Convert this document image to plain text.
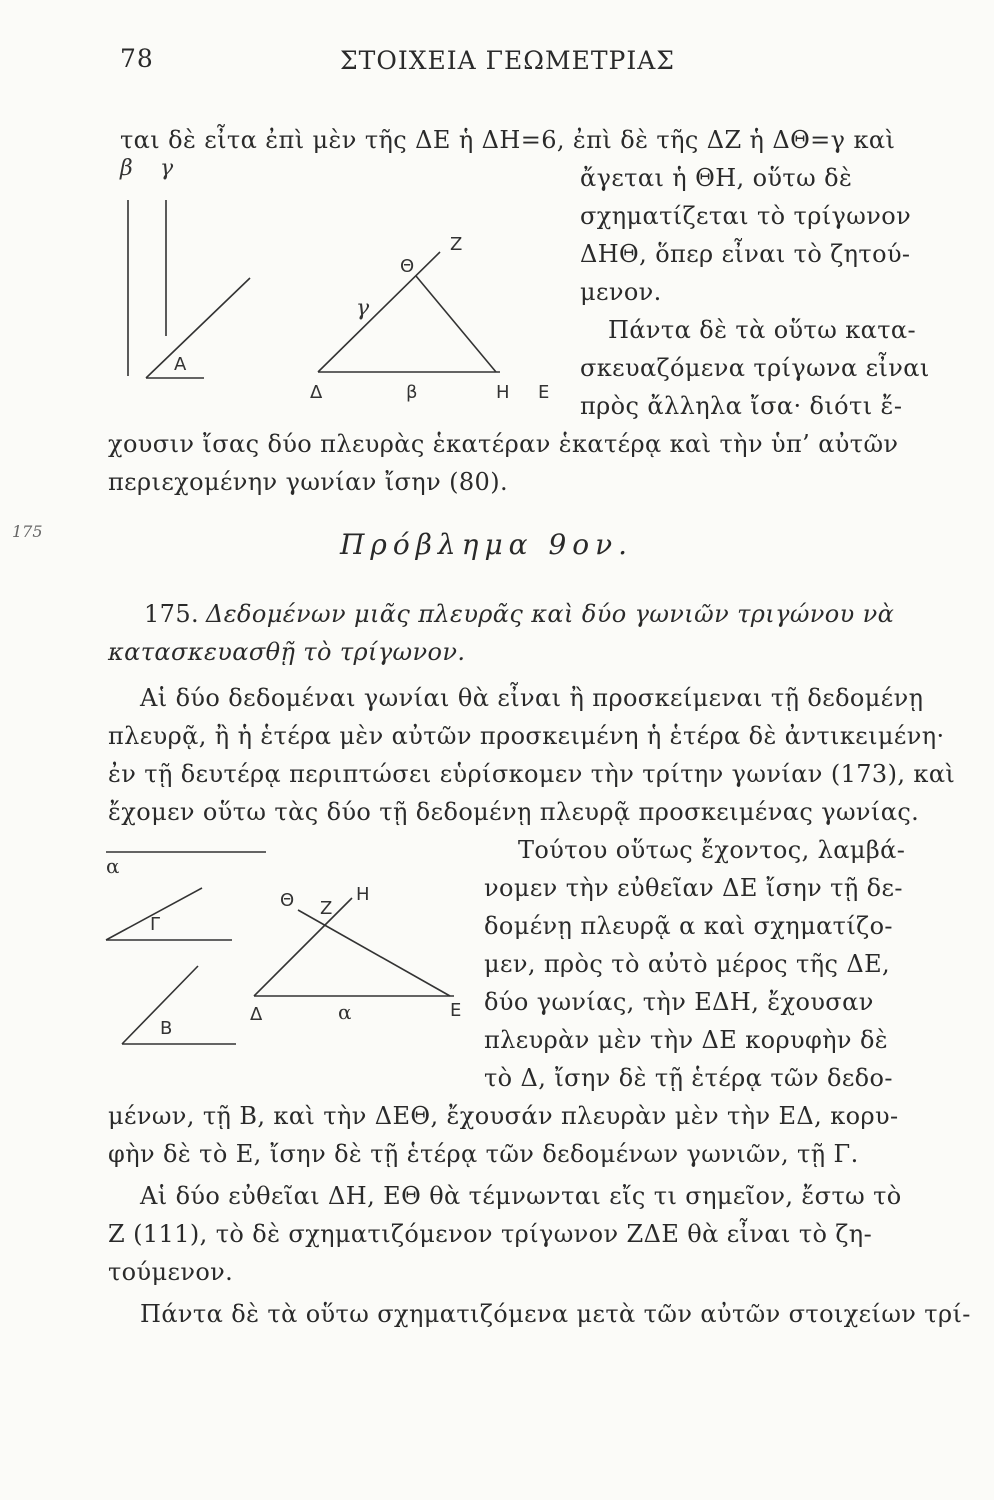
78	ΣΤΟΙΧΕΙΑ ΓΕΩΜΕΤΡΙΑΣ
ται δὲ εἶτα ἐπὶ μὲν τῆς ΔΕ ἡ ΔΗ=6, ἐπὶ δὲ τῆς ΔΖ ἡ ΔΘ=γ καὶ
ἄγεται ἡ ΘΗ, οὕτω δὲ
σχηματίζεται τὸ τρίγωνον
ΔΗΘ, ὅπερ εἶναι τὸ ζητού-
μενον.
Πάντα δὲ τὰ οὕτω κατα-
σκευαζόμενα τρίγωνα εἶναι
πρὸς ἄλληλα ἴσα· διότι ἔ-
χουσιν ἴσας δύο πλευρὰς ἑκατέραν ἑκατέρᾳ καὶ τὴν ὑπ’ αὐτῶν
περιεχομένην γωνίαν ἴσην (80).
β γ
A
Z
Θ
γ
Δ	β	H E
175	Πρόβλημα 9ον.
175. Δεδομένων μιᾶς πλευρᾶς καὶ δύο γωνιῶν τριγώνου νὰ
κατασκευασθῇ τὸ τρίγωνον.
Αἱ δύο δεδομέναι γωνίαι θὰ εἶναι ἢ προσκείμεναι τῇ δεδομένῃ
πλευρᾷ, ἢ ἡ ἑτέρα μὲν αὐτῶν προσκειμένη ἡ ἑτέρα δὲ ἀντικειμένη·
ἐν τῇ δευτέρᾳ περιπτώσει εὑρίσκομεν τὴν τρίτην γωνίαν (173), καὶ
ἔχομεν οὕτω τὰς δύο τῇ δεδομένῃ πλευρᾷ προσκειμένας γωνίας.
Τούτου οὕτως ἔχοντος, λαμβά-
νομεν τὴν εὐθεῖαν ΔΕ ἴσην τῇ δε-
δομένῃ πλευρᾷ α καὶ σχηματίζο-
μεν, πρὸς τὸ αὐτὸ μέρος τῆς ΔΕ,
δύο γωνίας, τὴν ΕΔΗ, ἔχουσαν
πλευρὰν μὲν τὴν ΔΕ κορυφὴν δὲ
τὸ Δ, ἴσην δὲ τῇ ἑτέρᾳ τῶν δεδο-
μένων, τῇ Β, καὶ τὴν ΔΕΘ, ἔχουσάν πλευρὰν μὲν τὴν ΕΔ, κορυ-
φὴν δὲ τὸ Ε, ἴσην δὲ τῇ ἑτέρᾳ τῶν δεδομένων γωνιῶν, τῇ Γ.
Αἱ δύο εὐθεῖαι ΔΗ, ΕΘ θὰ τέμνωνται εἴς τι σημεῖον, ἔστω τὸ
Ζ (111), τὸ δὲ σχηματιζόμενον τρίγωνον ΖΔΕ θὰ εἶναι τὸ ζη-
τούμενον.
Πάντα δὲ τὰ οὕτω σχηματιζόμενα μετὰ τῶν αὐτῶν στοιχείων τρί-
α
Γ
B
Θ Z
H
Δ	α	E
